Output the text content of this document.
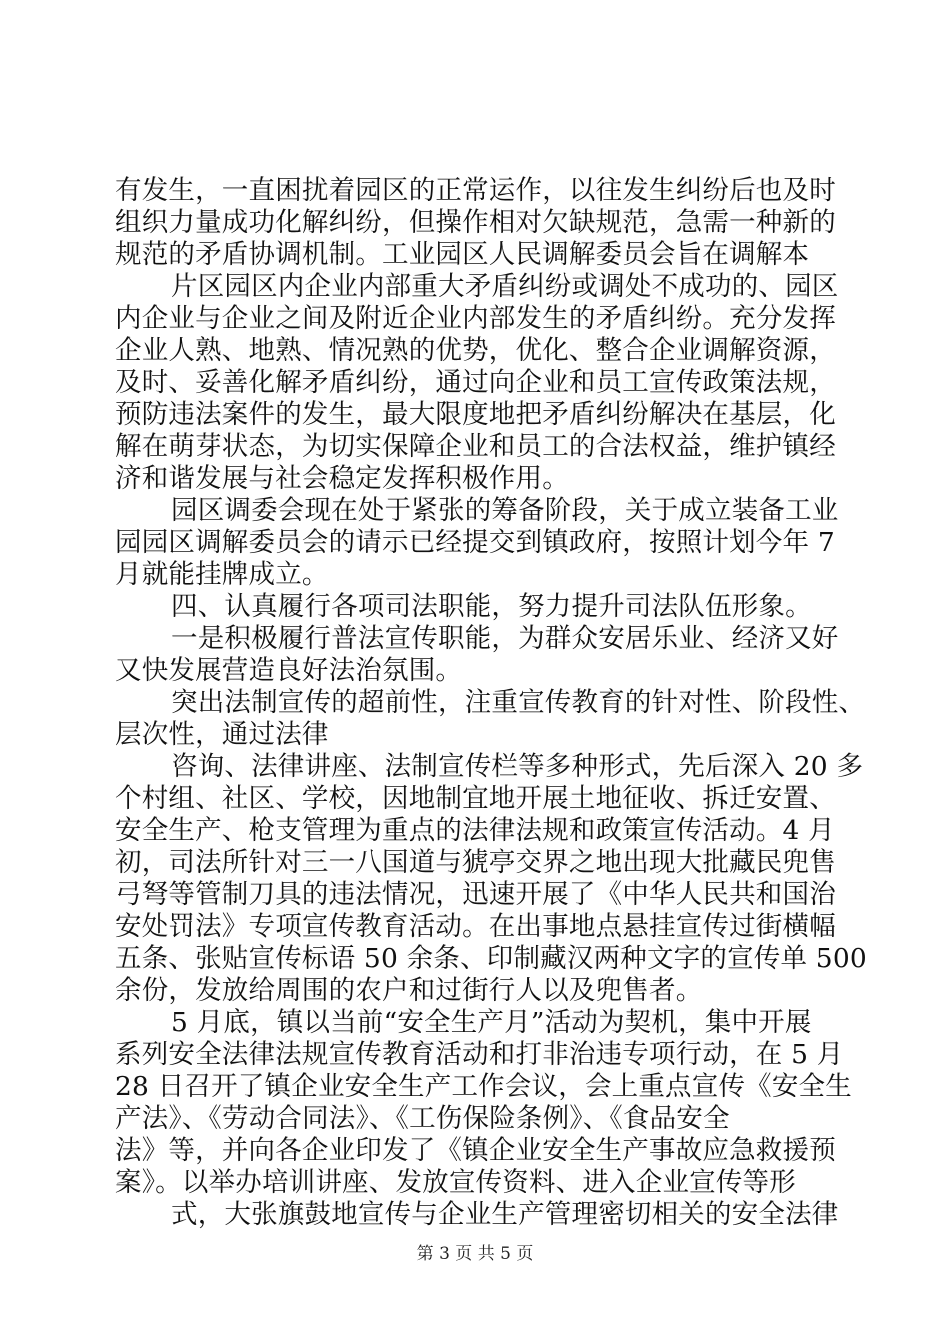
有发生，一直困扰着园区的正常运作，以往发生纠纷后也及时
组织力量成功化解纠纷，但操作相对欠缺规范，急需一种新的
规范的矛盾协调机制。工业园区人民调解委员会旨在调解本
片区园区内企业内部重大矛盾纠纷或调处不成功的、园区
内企业与企业之间及附近企业内部发生的矛盾纠纷。充分发挥
企业人熟、地熟、情况熟的优势，优化、整合企业调解资源，
及时、妥善化解矛盾纠纷，通过向企业和员工宣传政策法规，
预防违法案件的发生，最大限度地把矛盾纠纷解决在基层，化
解在萌芽状态，为切实保障企业和员工的合法权益，维护镇经
济和谐发展与社会稳定发挥积极作用。
园区调委会现在处于紧张的筹备阶段，关于成立装备工业
园园区调解委员会的请示已经提交到镇政府，按照计划今年 7
月就能挂牌成立。
四、认真履行各项司法职能，努力提升司法队伍形象。
一是积极履行普法宣传职能，为群众安居乐业、经济又好
又快发展营造良好法治氛围。
突出法制宣传的超前性，注重宣传教育的针对性、阶段性、
层次性，通过法律
咨询、法律讲座、法制宣传栏等多种形式，先后深入 20 多
个村组、社区、学校，因地制宜地开展土地征收、拆迁安置、
安全生产、枪支管理为重点的法律法规和政策宣传活动。4 月
初，司法所针对三一八国道与猇亭交界之地出现大批藏民兜售
弓弩等管制刀具的违法情况，迅速开展了《中华人民共和国治
安处罚法》专项宣传教育活动。在出事地点悬挂宣传过街横幅
五条、张贴宣传标语 50 余条、印制藏汉两种文字的宣传单 500
余份，发放给周围的农户和过街行人以及兜售者。
5 月底，镇以当前“安全生产月”活动为契机，集中开展
系列安全法律法规宣传教育活动和打非治违专项行动，在 5 月
28 日召开了镇企业安全生产工作会议，会上重点宣传《安全生
产法》、《劳动合同法》、《工伤保险条例》、《食品安全
法》等，并向各企业印发了《镇企业安全生产事故应急救援预
案》。以举办培训讲座、发放宣传资料、进入企业宣传等形
式，大张旗鼓地宣传与企业生产管理密切相关的安全法律
第 3 页 共 5 页
